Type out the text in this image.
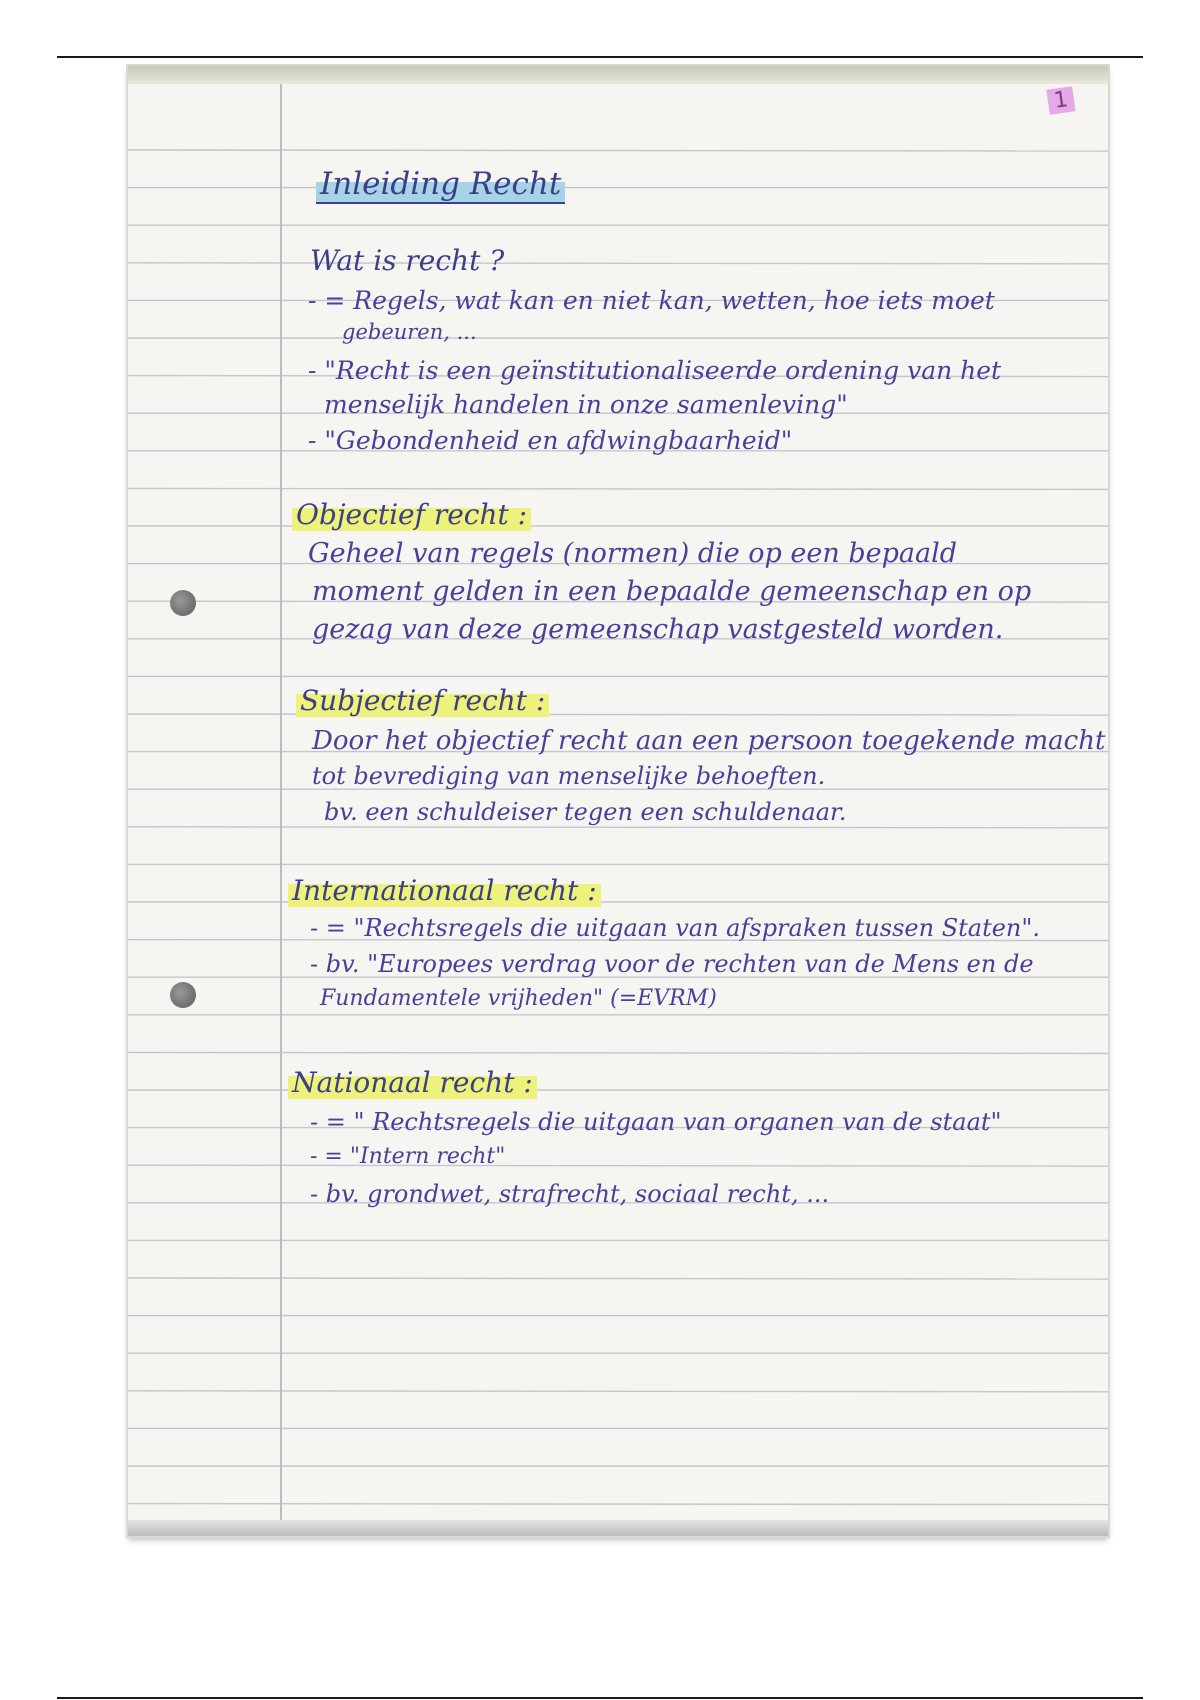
1
Inleiding Recht
Wat is recht ?
- = Regels, wat kan en niet kan, wetten, hoe iets moet
gebeuren, ...
- "Recht is een geïnstitutionaliseerde ordening van het
menselijk handelen in onze samenleving"
- "Gebondenheid en afdwingbaarheid"
Objectief recht :
Geheel van regels (normen) die op een bepaald
moment gelden in een bepaalde gemeenschap en op
gezag van deze gemeenschap vastgesteld worden.
Subjectief recht :
Door het objectief recht aan een persoon toegekende macht
tot bevrediging van menselijke behoeften.
bv. een schuldeiser tegen een schuldenaar.
Internationaal recht :
- = "Rechtsregels die uitgaan van afspraken tussen Staten".
- bv. "Europees verdrag voor de rechten van de Mens en de
Fundamentele vrijheden" (=EVRM)
Nationaal recht :
- = " Rechtsregels die uitgaan van organen van de staat"
- = "Intern recht"
- bv. grondwet, strafrecht, sociaal recht, ...
